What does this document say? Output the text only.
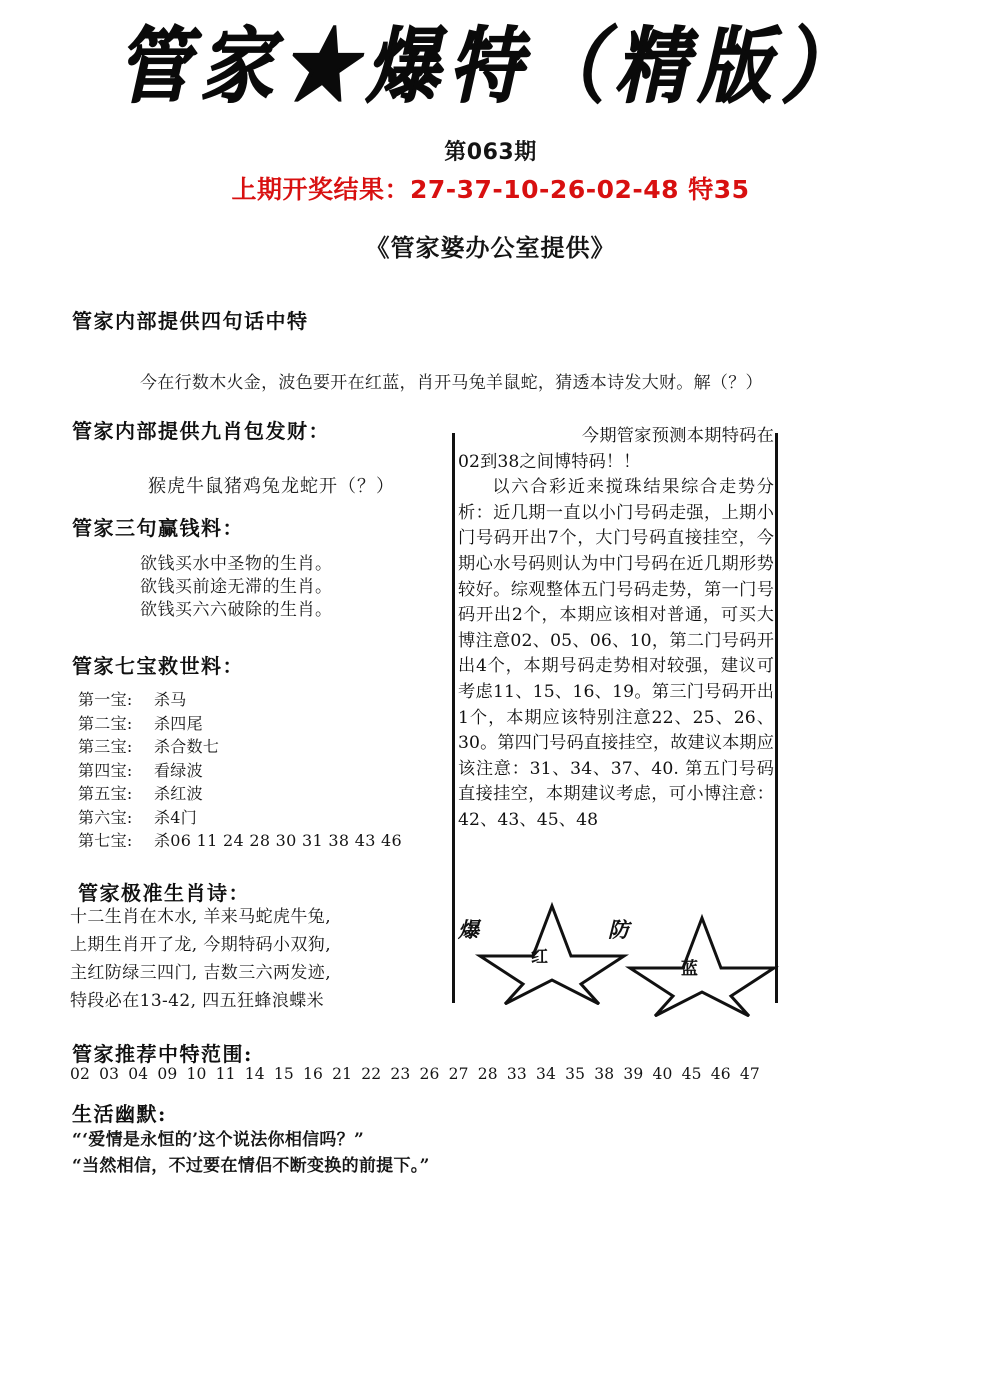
管家★爆特（精版）
第063期
上期开奖结果：27-37-10-26-02-48 特35
《管家婆办公室提供》
管家内部提供四句话中特
今在行数木火金，波色要开在红蓝，肖开马兔羊鼠蛇，猜透本诗发大财。解（？）
管家内部提供九肖包发财：
猴虎牛鼠猪鸡兔龙蛇开（？）
管家三句赢钱料：
欲钱买水中圣物的生肖。
欲钱买前途无滞的生肖。
欲钱买六六破除的生肖。
管家七宝救世料：
第一宝: 杀马
第二宝: 杀四尾
第三宝: 杀合数七
第四宝: 看绿波
第五宝: 杀红波
第六宝: 杀4门
第七宝: 杀06 11 24 28 30 31 38 43 46
管家极准生肖诗：
十二生肖在木水, 羊来马蛇虎牛兔,
上期生肖开了龙, 今期特码小双狗,
主红防绿三四门, 吉数三六两发迹,
特段必在13-42, 四五狂蜂浪蝶米
管家推荐中特范围:
02 03 04 09 10 11 14 15 16 21 22 23 26 27 28 33 34 35 38 39 40 45 46 47
生活幽默:
“‘爱情是永恒的’这个说法你相信吗？”
“当然相信，不过要在情侣不断变换的前提下。”

今期管家预测本期特码在02到38之间博特码！！

以六合彩近来搅珠结果综合走势分析：近几期一直以小门号码走强，上期小门号码开出7个，大门号码直接挂空，今期心水号码则认为中门号码在近几期形势较好。综观整体五门号码走势，第一门号码开出2个，本期应该相对普通，可买大博注意02、05、06、10，第二门号码开出4个，本期号码走势相对较强，建议可考虑11、15、16、19。第三门号码开出1个，本期应该特别注意22、25、26、30。第四门号码直接挂空，故建议本期应该注意：31、34、37、40. 第五门号码直接挂空，本期建议考虑，可小博注意：42、43、45、48

爆
红
防
蓝
